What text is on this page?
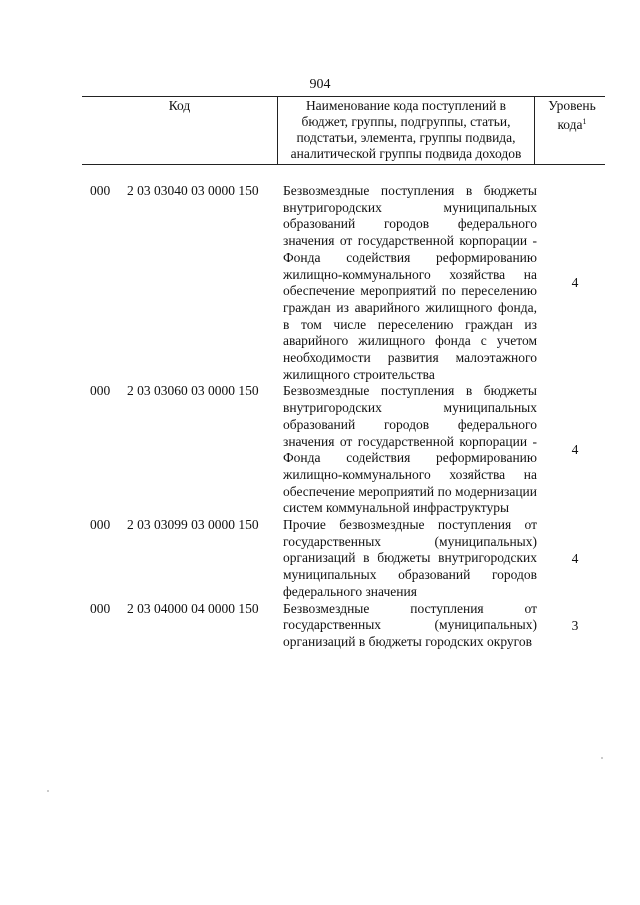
904
Код	Наименование кода поступлений в бюджет, группы, подгруппы, статьи, подстатьи, элемента, группы подвида, аналитической группы подвида доходов
Уровень кода$^1$
000 2 03 03040 03 0000 150 Безвозмездные поступления в бюджеты внутригородских муниципальных образований городов федерального значения от государственной корпорации - Фонда содействия реформированию жилищно-коммунального хозяйства на обеспечение мероприятий по переселению граждан из аварийного жилищного фонда, в том числе переселению граждан из аварийного жилищного фонда с учетом необходимости развития малоэтажного жилищного строительства
4
000 2 03 03060 03 0000 150 Безвозмездные поступления в бюджеты внутригородских муниципальных образований городов федерального значения от государственной корпорации - Фонда содействия реформированию жилищно-коммунального хозяйства на обеспечение мероприятий по модернизации систем коммунальной инфраструктуры
4
000 2 03 03099 03 0000 150 Прочие безвозмездные поступления от государственных (муниципальных) организаций в бюджеты внутригородских муниципальных образований городов федерального значения
4
000 2 03 04000 04 0000 150 Безвозмездные поступления от государственных (муниципальных) организаций в бюджеты городских округов
3
